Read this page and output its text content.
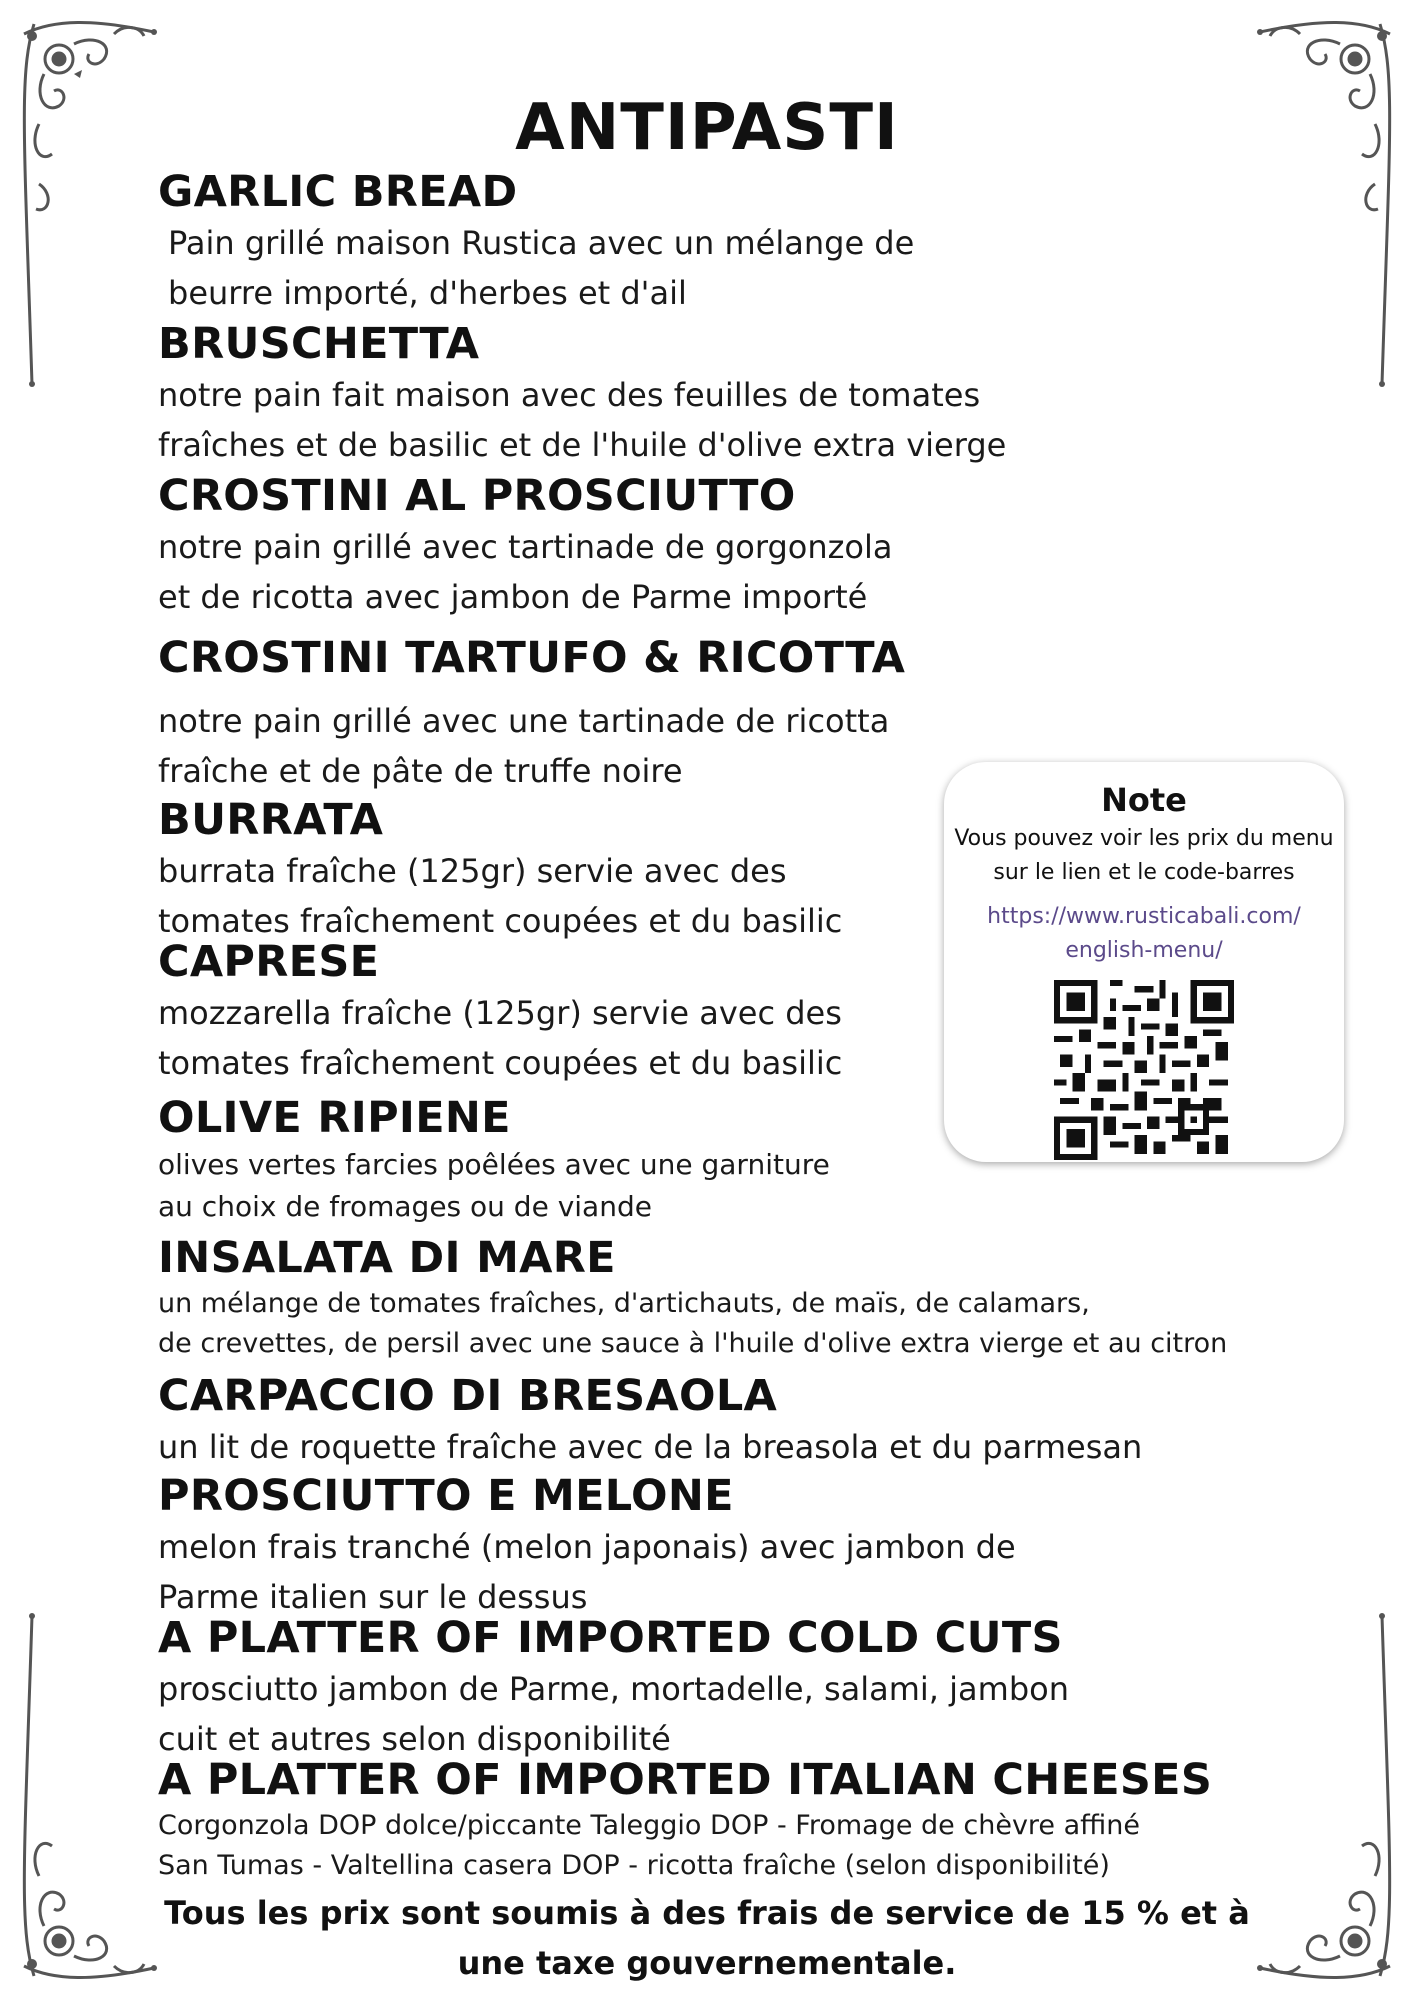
ANTIPASTI
GARLIC BREAD
Pain grillé maison Rustica avec un mélange de
beurre importé, d'herbes et d'ail
BRUSCHETTA
notre pain fait maison avec des feuilles de tomates
fraîches et de basilic et de l'huile d'olive extra vierge
CROSTINI AL PROSCIUTTO
notre pain grillé avec tartinade de gorgonzola
et de ricotta avec jambon de Parme importé
CROSTINI TARTUFO & RICOTTA
notre pain grillé avec une tartinade de ricotta
fraîche et de pâte de truffe noire
BURRATA
burrata fraîche (125gr) servie avec des
tomates fraîchement coupées et du basilic
CAPRESE
mozzarella fraîche (125gr) servie avec des
tomates fraîchement coupées et du basilic
OLIVE RIPIENE
olives vertes farcies poêlées avec une garniture
au choix de fromages ou de viande
INSALATA DI MARE
un mélange de tomates fraîches, d'artichauts, de maïs, de calamars,
de crevettes, de persil avec une sauce à l'huile d'olive extra vierge et au citron
CARPACCIO DI BRESAOLA
un lit de roquette fraîche avec de la breasola et du parmesan
PROSCIUTTO E MELONE
melon frais tranché (melon japonais) avec jambon de
Parme italien sur le dessus
A PLATTER OF IMPORTED COLD CUTS
prosciutto jambon de Parme, mortadelle, salami, jambon
cuit et autres selon disponibilité
A PLATTER OF IMPORTED ITALIAN CHEESES
Corgonzola DOP dolce/piccante Taleggio DOP - Fromage de chèvre affiné
San Tumas - Valtellina casera DOP - ricotta fraîche (selon disponibilité)
Note
Vous pouvez voir les prix du menu
sur le lien et le code-barres
https://www.rusticabali.com/
english-menu/
Tous les prix sont soumis à des frais de service de 15 % et à
une taxe gouvernementale.
